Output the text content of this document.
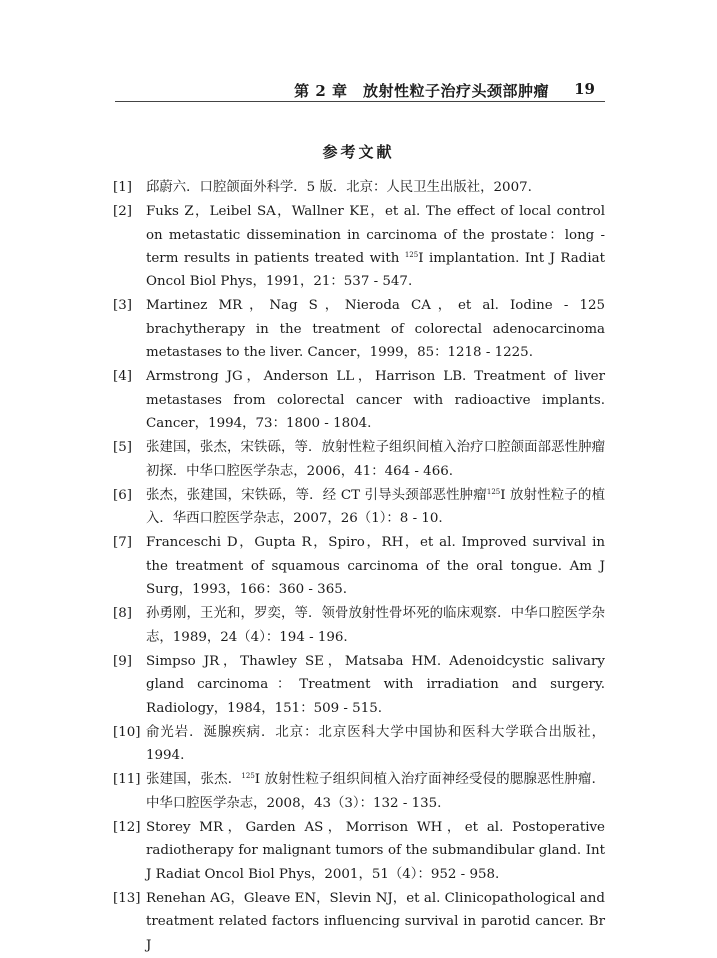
第 2 章　放射性粒子治疗头颈部肿瘤 19
参考文献
[1] 邱蔚六．口腔颌面外科学．5 版．北京：人民卫生出版社，2007.
[2] Fuks Z，Leibel SA，Wallner KE，et al. The effect of local control on metastatic dissemination in carcinoma of the prostate：long - term results in patients treated with $^{125}$I implantation. Int J Radiat Oncol Biol Phys，1991，21：537 - 547.
[3] Martinez MR，Nag S，Nieroda CA，et al. Iodine - 125 brachytherapy in the treatment of colorectal adenocarcinoma metastases to the liver. Cancer，1999，85：1218 - 1225.
[4] Armstrong JG，Anderson LL，Harrison LB. Treatment of liver metastases from colorectal cancer with radioactive implants. Cancer，1994，73：1800 - 1804.
[5] 张建国，张杰，宋铁砾，等．放射性粒子组织间植入治疗口腔颌面部恶性肿瘤初探．中华口腔医学杂志，2006，41：464 - 466.
[6] 张杰，张建国，宋铁砾，等．经 CT 引导头颈部恶性肿瘤$^{125}$I 放射性粒子的植入．华西口腔医学杂志，2007，26（1）：8 - 10.
[7] Franceschi D，Gupta R，Spiro，RH，et al. Improved survival in the treatment of squamous carcinoma of the oral tongue. Am J Surg，1993，166：360 - 365.
[8] 孙勇刚，王光和，罗奕，等．领骨放射性骨坏死的临床观察．中华口腔医学杂志，1989，24（4）：194 - 196.
[9] Simpso JR，Thawley SE，Matsaba HM. Adenoidcystic salivary gland carcinoma：Treatment with irradiation and surgery. Radiology，1984，151：509 - 515.
[10] 俞光岩．涎腺疾病．北京：北京医科大学中国协和医科大学联合出版社，1994.
[11] 张建国，张杰．$^{125}$I 放射性粒子组织间植入治疗面神经受侵的腮腺恶性肿瘤．中华口腔医学杂志，2008，43（3）：132 - 135.
[12] Storey MR，Garden AS，Morrison WH，et al. Postoperative radiotherapy for malignant tumors of the submandibular gland. Int J Radiat Oncol Biol Phys，2001，51（4）：952 - 958.
[13] Renehan AG，Gleave EN，Slevin NJ，et al. Clinicopathological and treatment related factors influencing survival in parotid cancer. Br J
